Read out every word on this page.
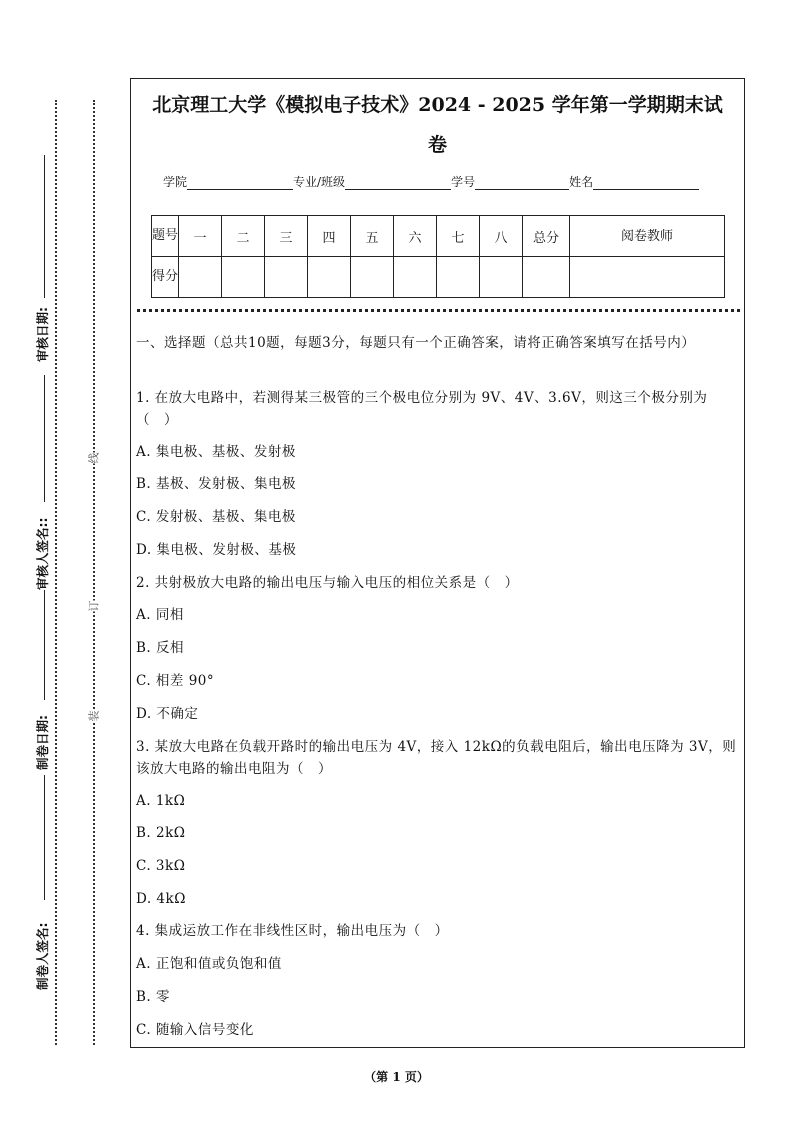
线
订
装
审核日期:
审核人签名::
制卷日期:
制卷人签名:
北京理工大学《模拟电子技术》2024 - 2025 学年第一学期期末试
卷
学院	专业/班级	学号	姓名
题号	一	二	三	四	五	六	七	八	总分	阅卷教师
得分										
一、选择题（总共10题，每题3分，每题只有一个正确答案，请将正确答案填写在括号内）
1. 在放大电路中，若测得某三极管的三个极电位分别为 9V、4V、3.6V，则这三个极分别为（　）
A. 集电极、基极、发射极
B. 基极、发射极、集电极
C. 发射极、基极、集电极
D. 集电极、发射极、基极
2. 共射极放大电路的输出电压与输入电压的相位关系是（　）
A. 同相
B. 反相
C. 相差 90°
D. 不确定
3. 某放大电路在负载开路时的输出电压为 4V，接入 12kΩ的负载电阻后，输出电压降为 3V，则该放大电路的输出电阻为（　）
A. 1kΩ
B. 2kΩ
C. 3kΩ
D. 4kΩ
4. 集成运放工作在非线性区时，输出电压为（　）
A. 正饱和值或负饱和值
B. 零
C. 随输入信号变化
（第 1 页）
